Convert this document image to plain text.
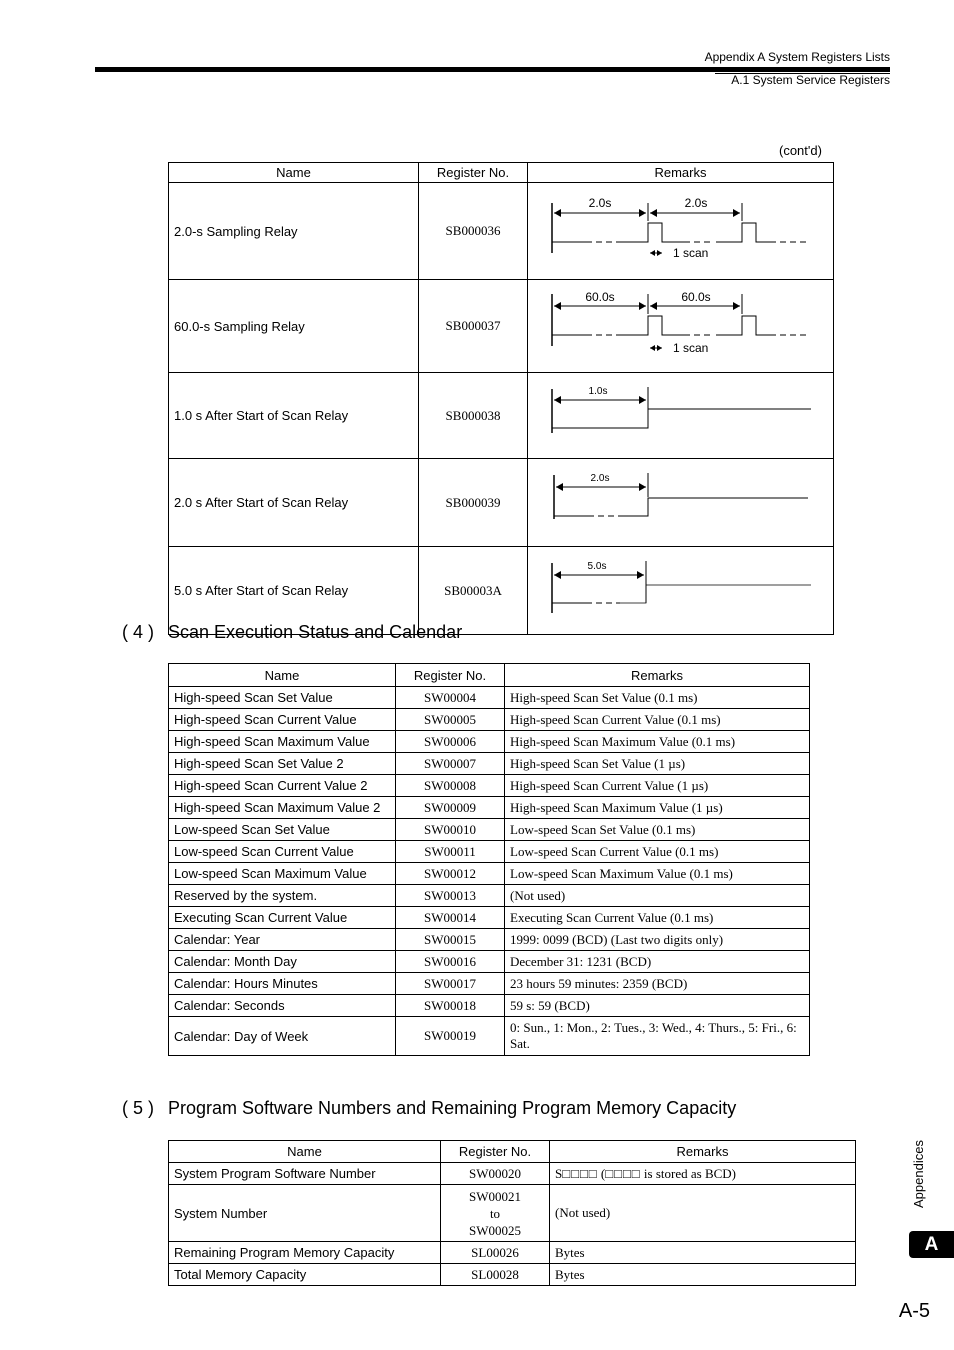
Appendix A System Registers Lists
A.1 System Service Registers
(cont'd)
Name	Register No.	Remarks
2.0-s Sampling Relay	SB000036	2.0s 2.0s
1 scan

60.0-s Sampling Relay	SB000037	60.0s 60.0s
1 scan

1.0 s After Start of Scan Relay	SB000038	1.0s

2.0 s After Start of Scan Relay	SB000039	2.0s

5.0 s After Start of Scan Relay	SB00003A	5.0s
( 4 ) Scan Execution Status and Calendar
Name	Register No.	Remarks
High-speed Scan Set Value	SW00004	High-speed Scan Set Value (0.1 ms)
High-speed Scan Current Value	SW00005	High-speed Scan Current Value (0.1 ms)
High-speed Scan Maximum Value	SW00006	High-speed Scan Maximum Value (0.1 ms)
High-speed Scan Set Value 2	SW00007	High-speed Scan Set Value (1 µs)
High-speed Scan Current Value 2	SW00008	High-speed Scan Current Value (1 µs)
High-speed Scan Maximum Value 2	SW00009	High-speed Scan Maximum Value (1 µs)
Low-speed Scan Set Value	SW00010	Low-speed Scan Set Value (0.1 ms)
Low-speed Scan Current Value	SW00011	Low-speed Scan Current Value (0.1 ms)
Low-speed Scan Maximum Value	SW00012	Low-speed Scan Maximum Value (0.1 ms)
Reserved by the system.	SW00013	(Not used)
Executing Scan Current Value	SW00014	Executing Scan Current Value (0.1 ms)
Calendar: Year	SW00015	1999: 0099 (BCD) (Last two digits only)
Calendar: Month Day	SW00016	December 31: 1231 (BCD)
Calendar: Hours Minutes	SW00017	23 hours 59 minutes: 2359 (BCD)
Calendar: Seconds	SW00018	59 s: 59 (BCD)
Calendar: Day of Week	SW00019	0: Sun., 1: Mon., 2: Tues., 3: Wed., 4: Thurs., 5: Fri., 6: Sat.
( 5 ) Program Software Numbers and Remaining Program Memory Capacity
Name	Register No.	Remarks
System Program Software Number	SW00020	S□□□□ (□□□□ is stored as BCD)
System Number	SW00021
to
SW00025	(Not used)
Remaining Program Memory Capacity	SL00026	Bytes
Total Memory Capacity	SL00028	Bytes
Appendices
A
A-5
